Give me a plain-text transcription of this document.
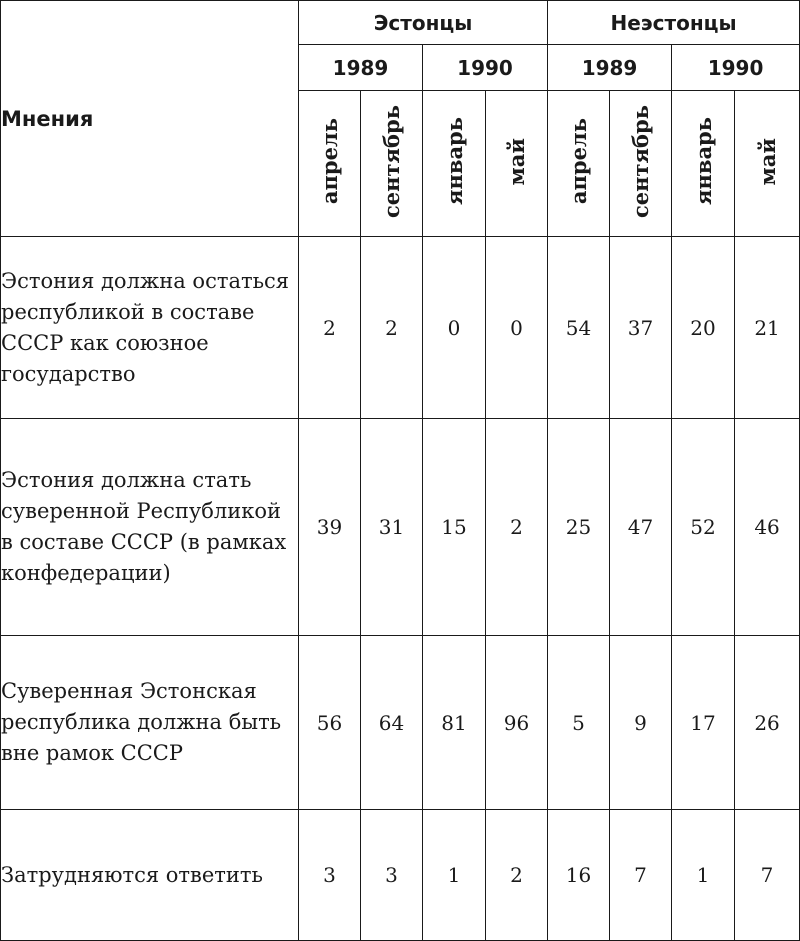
Мнения	Эстонцы				Неэстонцы			
	1989		1990		1989		1990	
	апрель	сентябрь	январь	май	апрель	сентябрь	январь	май
Эстония должна остаться республикой в составе СССР как союзное государство	2	2	0	0	54	37	20	21
Эстония должна стать суверенной Республикой в составе СССР (в рамках конфедерации)	39	31	15	2	25	47	52	46
Суверенная Эстонская республика должна быть вне рамок СССР	56	64	81	96	5	9	17	26
Затрудняются ответить	3	3	1	2	16	7	1	7
